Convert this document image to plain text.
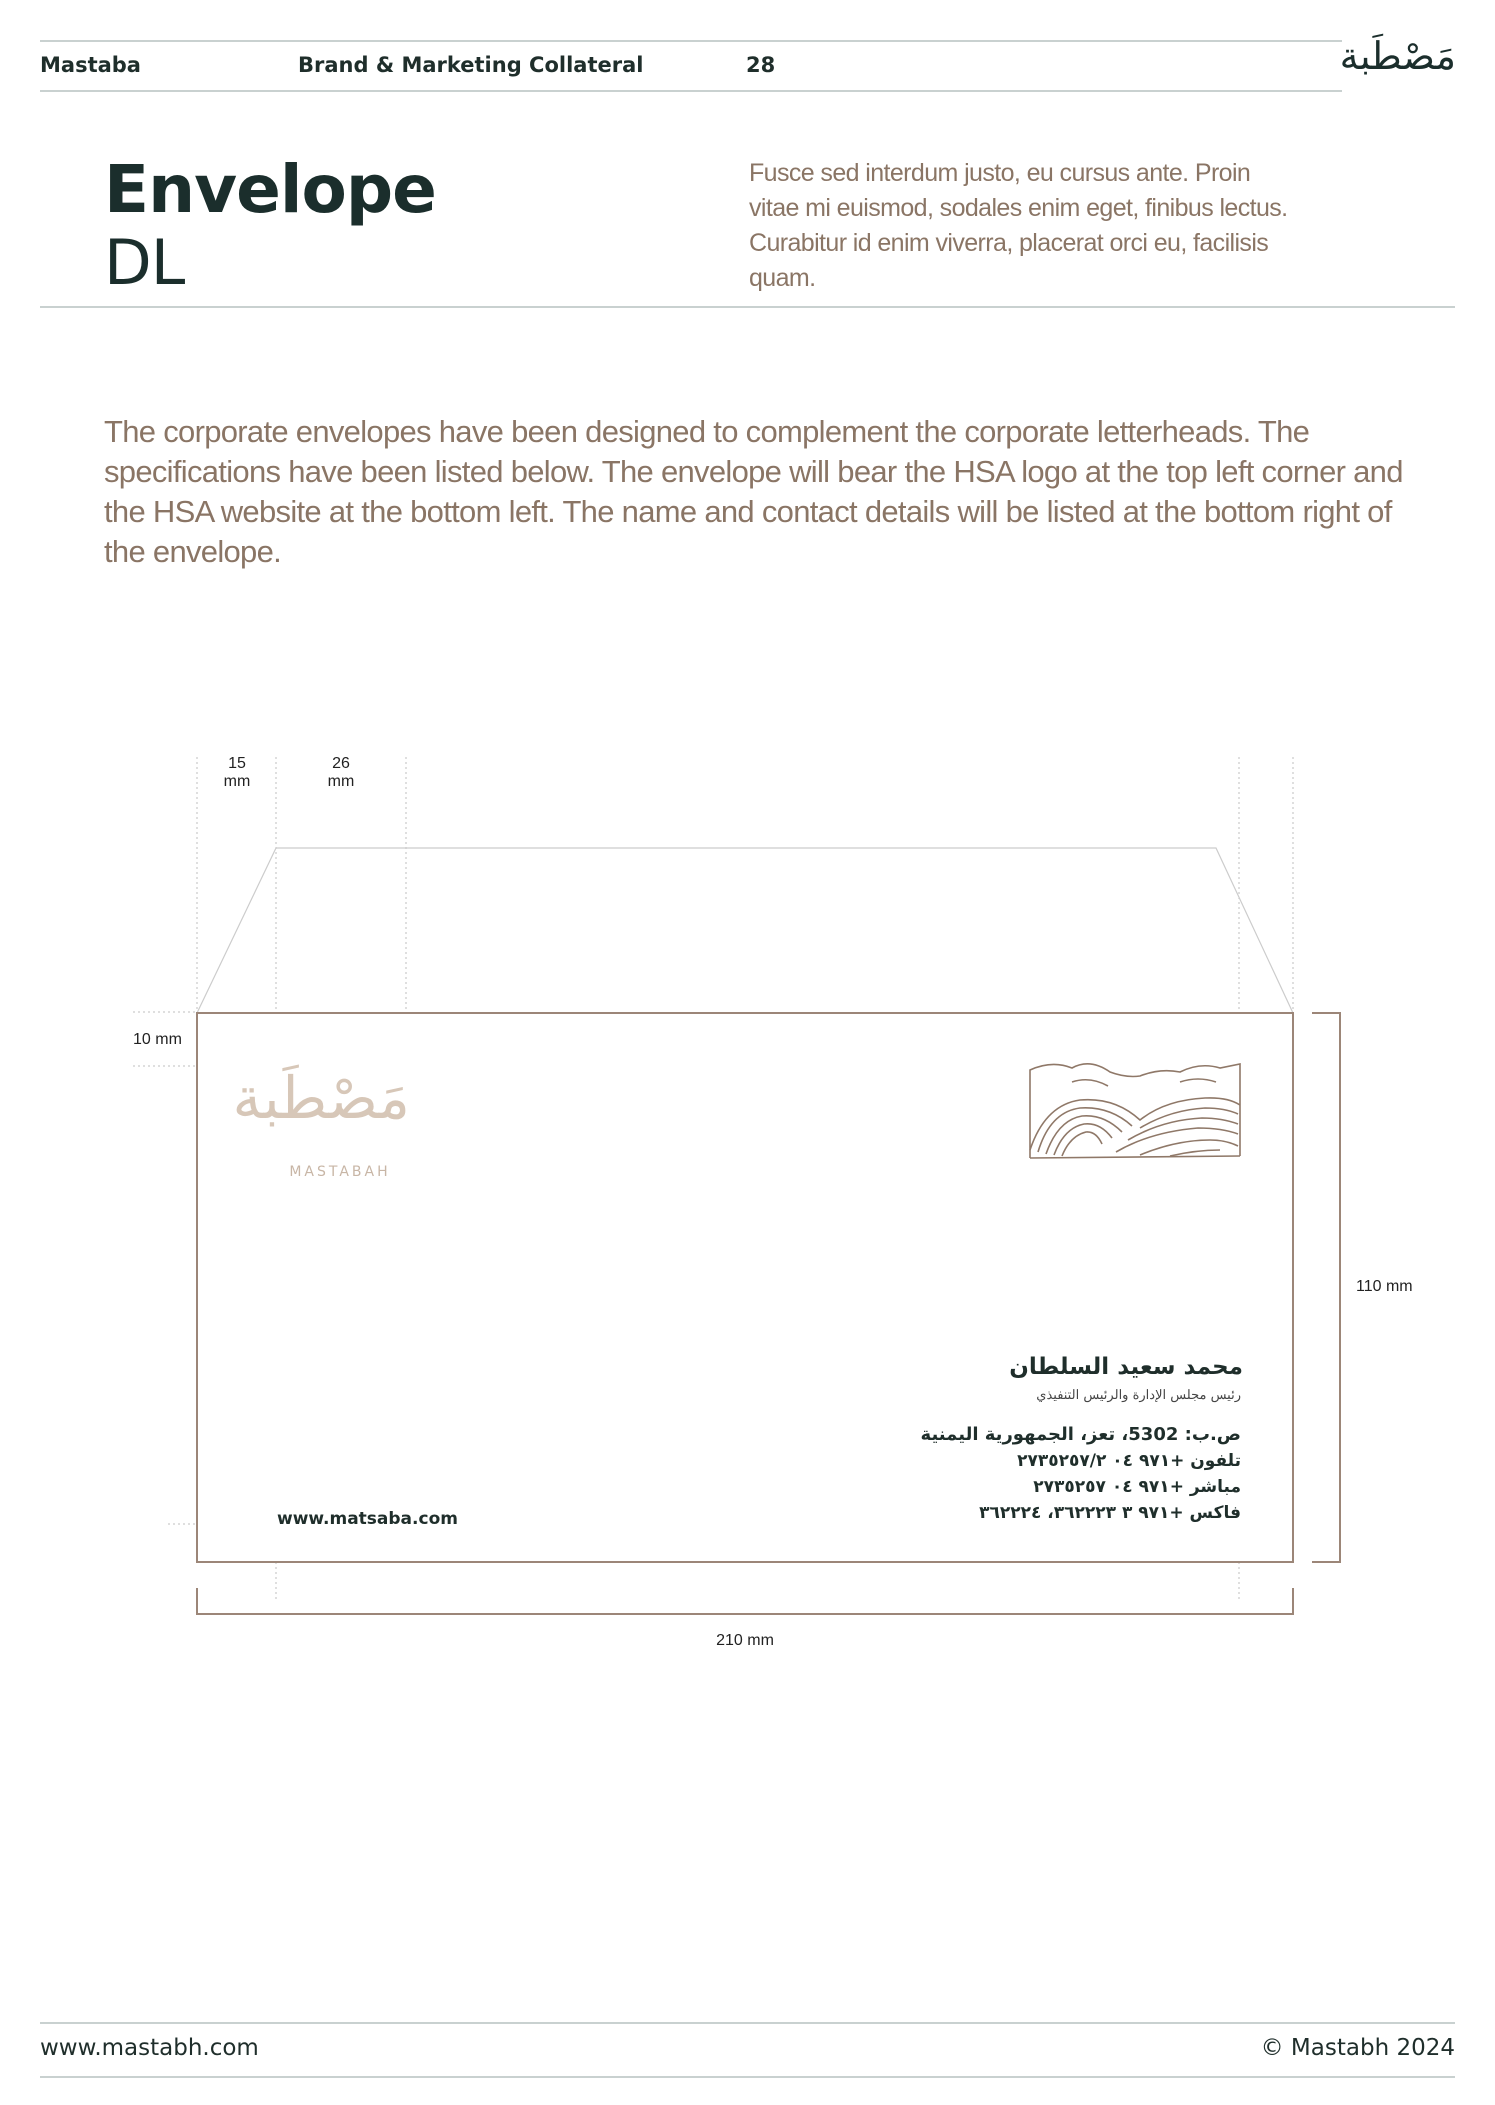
Mastaba	Brand & Marketing Collateral	28	مَصْطَبة
Envelope
DL
Fusce sed interdum justo, eu cursus ante. Proin vitae mi euismod, sodales enim eget, finibus lectus. Curabitur id enim viverra, placerat orci eu, facilisis quam.
The corporate envelopes have been designed to complement the corporate letterheads. The specifications have been listed below. The envelope will bear the HSA logo at the top left corner and the HSA website at the bottom left. The name and contact details will be listed at the bottom right of the envelope.
15
mm
26
mm
10 mm
110 mm
210 mm
مَصْطَبة
MASTABAH
www.matsaba.com
محمد سعيد السلطان
رئيس مجلس الإدارة والرئيس التنفيذي
ص.ب: 5302، تعز، الجمهورية اليمنية
تلفون +٩٧١ ٠٤ ٢٧٣٥٢٥٧/٢
مباشر +٩٧١ ٠٤ ٢٧٣٥٢٥٧
فاكس +٩٧١ ٣ ٣٦٢٢٢٣، ٣٦٢٢٢٤
www.mastabh.com	© Mastabh 2024
